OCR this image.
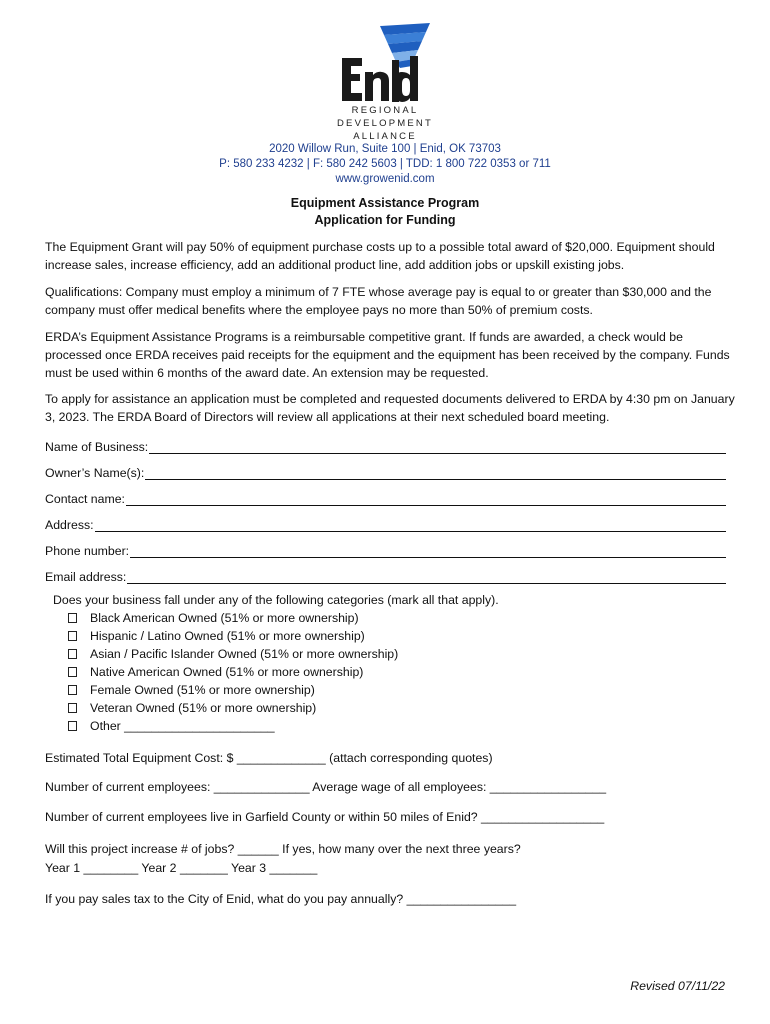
REGIONAL
DEVELOPMENT
ALLIANCE
2020 Willow Run, Suite 100 | Enid, OK 73703
P: 580 233 4232 | F: 580 242 5603 | TDD: 1 800 722 0353 or 711
www.growenid.com
Equipment Assistance Program
Application for Funding

The Equipment Grant will pay 50% of equipment purchase costs up to a possible total award of $20,000. Equipment should increase sales, increase efficiency, add an additional product line, add addition jobs or upskill existing jobs.

Qualifications: Company must employ a minimum of 7 FTE whose average pay is equal to or greater than $30,000 and the company must offer medical benefits where the employee pays no more than 50% of premium costs.

ERDA’s Equipment Assistance Programs is a reimbursable competitive grant. If funds are awarded, a check would be processed once ERDA receives paid receipts for the equipment and the equipment has been received by the company. Funds must be used within 6 months of the award date. An extension may be requested.

To apply for assistance an application must be completed and requested documents delivered to ERDA by 4:30 pm on January 3, 2023. The ERDA Board of Directors will review all applications at their next scheduled board meeting.

Name of Business:
Owner’s Name(s):
Contact name:
Address:
Phone number:
Email address:
Does your business fall under any of the following categories (mark all that apply).
Black American Owned (51% or more ownership)
Hispanic / Latino Owned (51% or more ownership)
Asian / Pacific Islander Owned (51% or more ownership)
Native American Owned (51% or more ownership)
Female Owned (51% or more ownership)
Veteran Owned (51% or more ownership)
Other ______________________
Estimated Total Equipment Cost: $ _____________ (attach corresponding quotes)
Number of current employees: ______________ Average wage of all employees: _________________
Number of current employees live in Garfield County or within 50 miles of Enid? __________________
Will this project increase # of jobs? ______ If yes, how many over the next three years?
Year 1 ________ Year 2 _______ Year 3 _______
If you pay sales tax to the City of Enid, what do you pay annually? ________________
Revised 07/11/22
